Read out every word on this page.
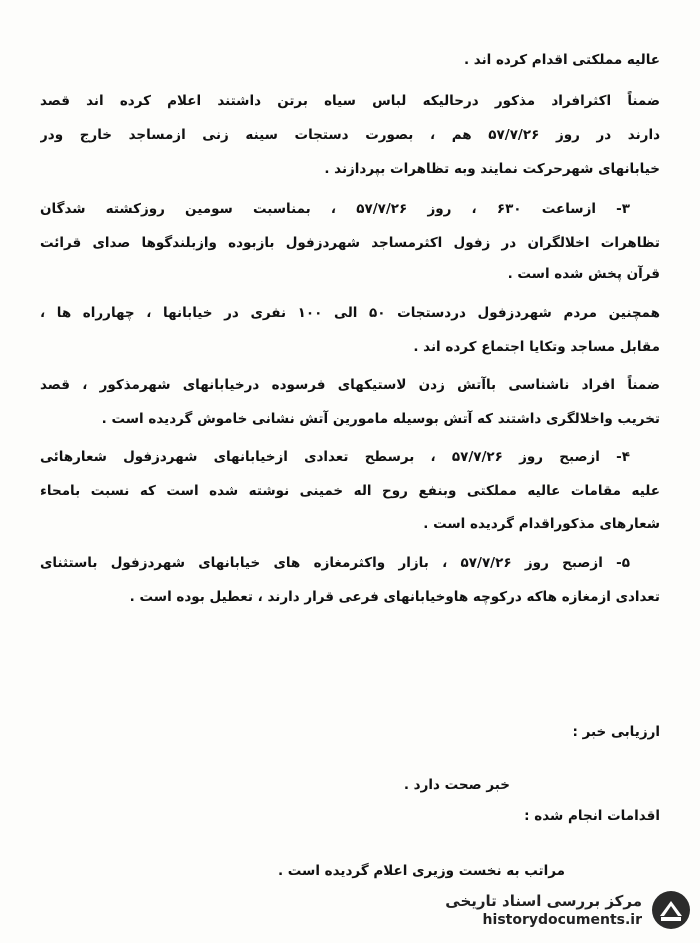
عالیه مملکتی اقدام کرده اند .
ضمناً اکثرافراد مذکور درحالیکه لباس سیاه برتن داشتند اعلام کرده اند قصد
دارند در روز ۵۷/۷/۲۶ هم ، بصورت دستجات سینه زنی ازمساجد خارج ودر
خیابانهای شهرحرکت نمایند وبه تظاهرات بپردازند .
۳- ازساعت ۶۳۰ ، روز ۵۷/۷/۲۶ ، بمناسبت سومین روزکشته شدگان
تظاهرات اخلالگران در زفول اکثرمساجد شهردزفول بازبوده وازبلندگوها صدای قرائت
قرآن پخش شده است .
همچنین مردم شهردزفول دردستجات ۵۰ الی ۱۰۰ نفری در خیابانها ، چهارراه ها ،
مقابل مساجد وتکایا اجتماع کرده اند .
ضمناً افراد ناشناسی باآتش زدن لاستیکهای فرسوده درخیابانهای شهرمذکور ، قصد
تخریب واخلالگری داشتند که آتش بوسیله مامورین آتش نشانی خاموش گردیده است .
۴- ازصبح روز ۵۷/۷/۲۶ ، برسطح تعدادی ازخیابانهای شهردزفول شعارهائی
علیه مقامات عالیه مملکتی وبنفع روح اله خمینی نوشته شده است که نسبت بامحاء
شعارهای مذکوراقدام گردیده است .
۵- ازصبح روز ۵۷/۷/۲۶ ، بازار واکثرمغازه های خیابانهای شهردزفول باستثنای
تعدادی ازمغازه هاکه درکوچه هاوخیابانهای فرعی قرار دارند ، تعطیل بوده است .
ارزیابی خبر :
خبر صحت دارد .
اقدامات انجام شده :
مراتب به نخست وزیری اعلام گردیده است .
مرکز بررسی اسناد تاریخی
historydocuments.ir
